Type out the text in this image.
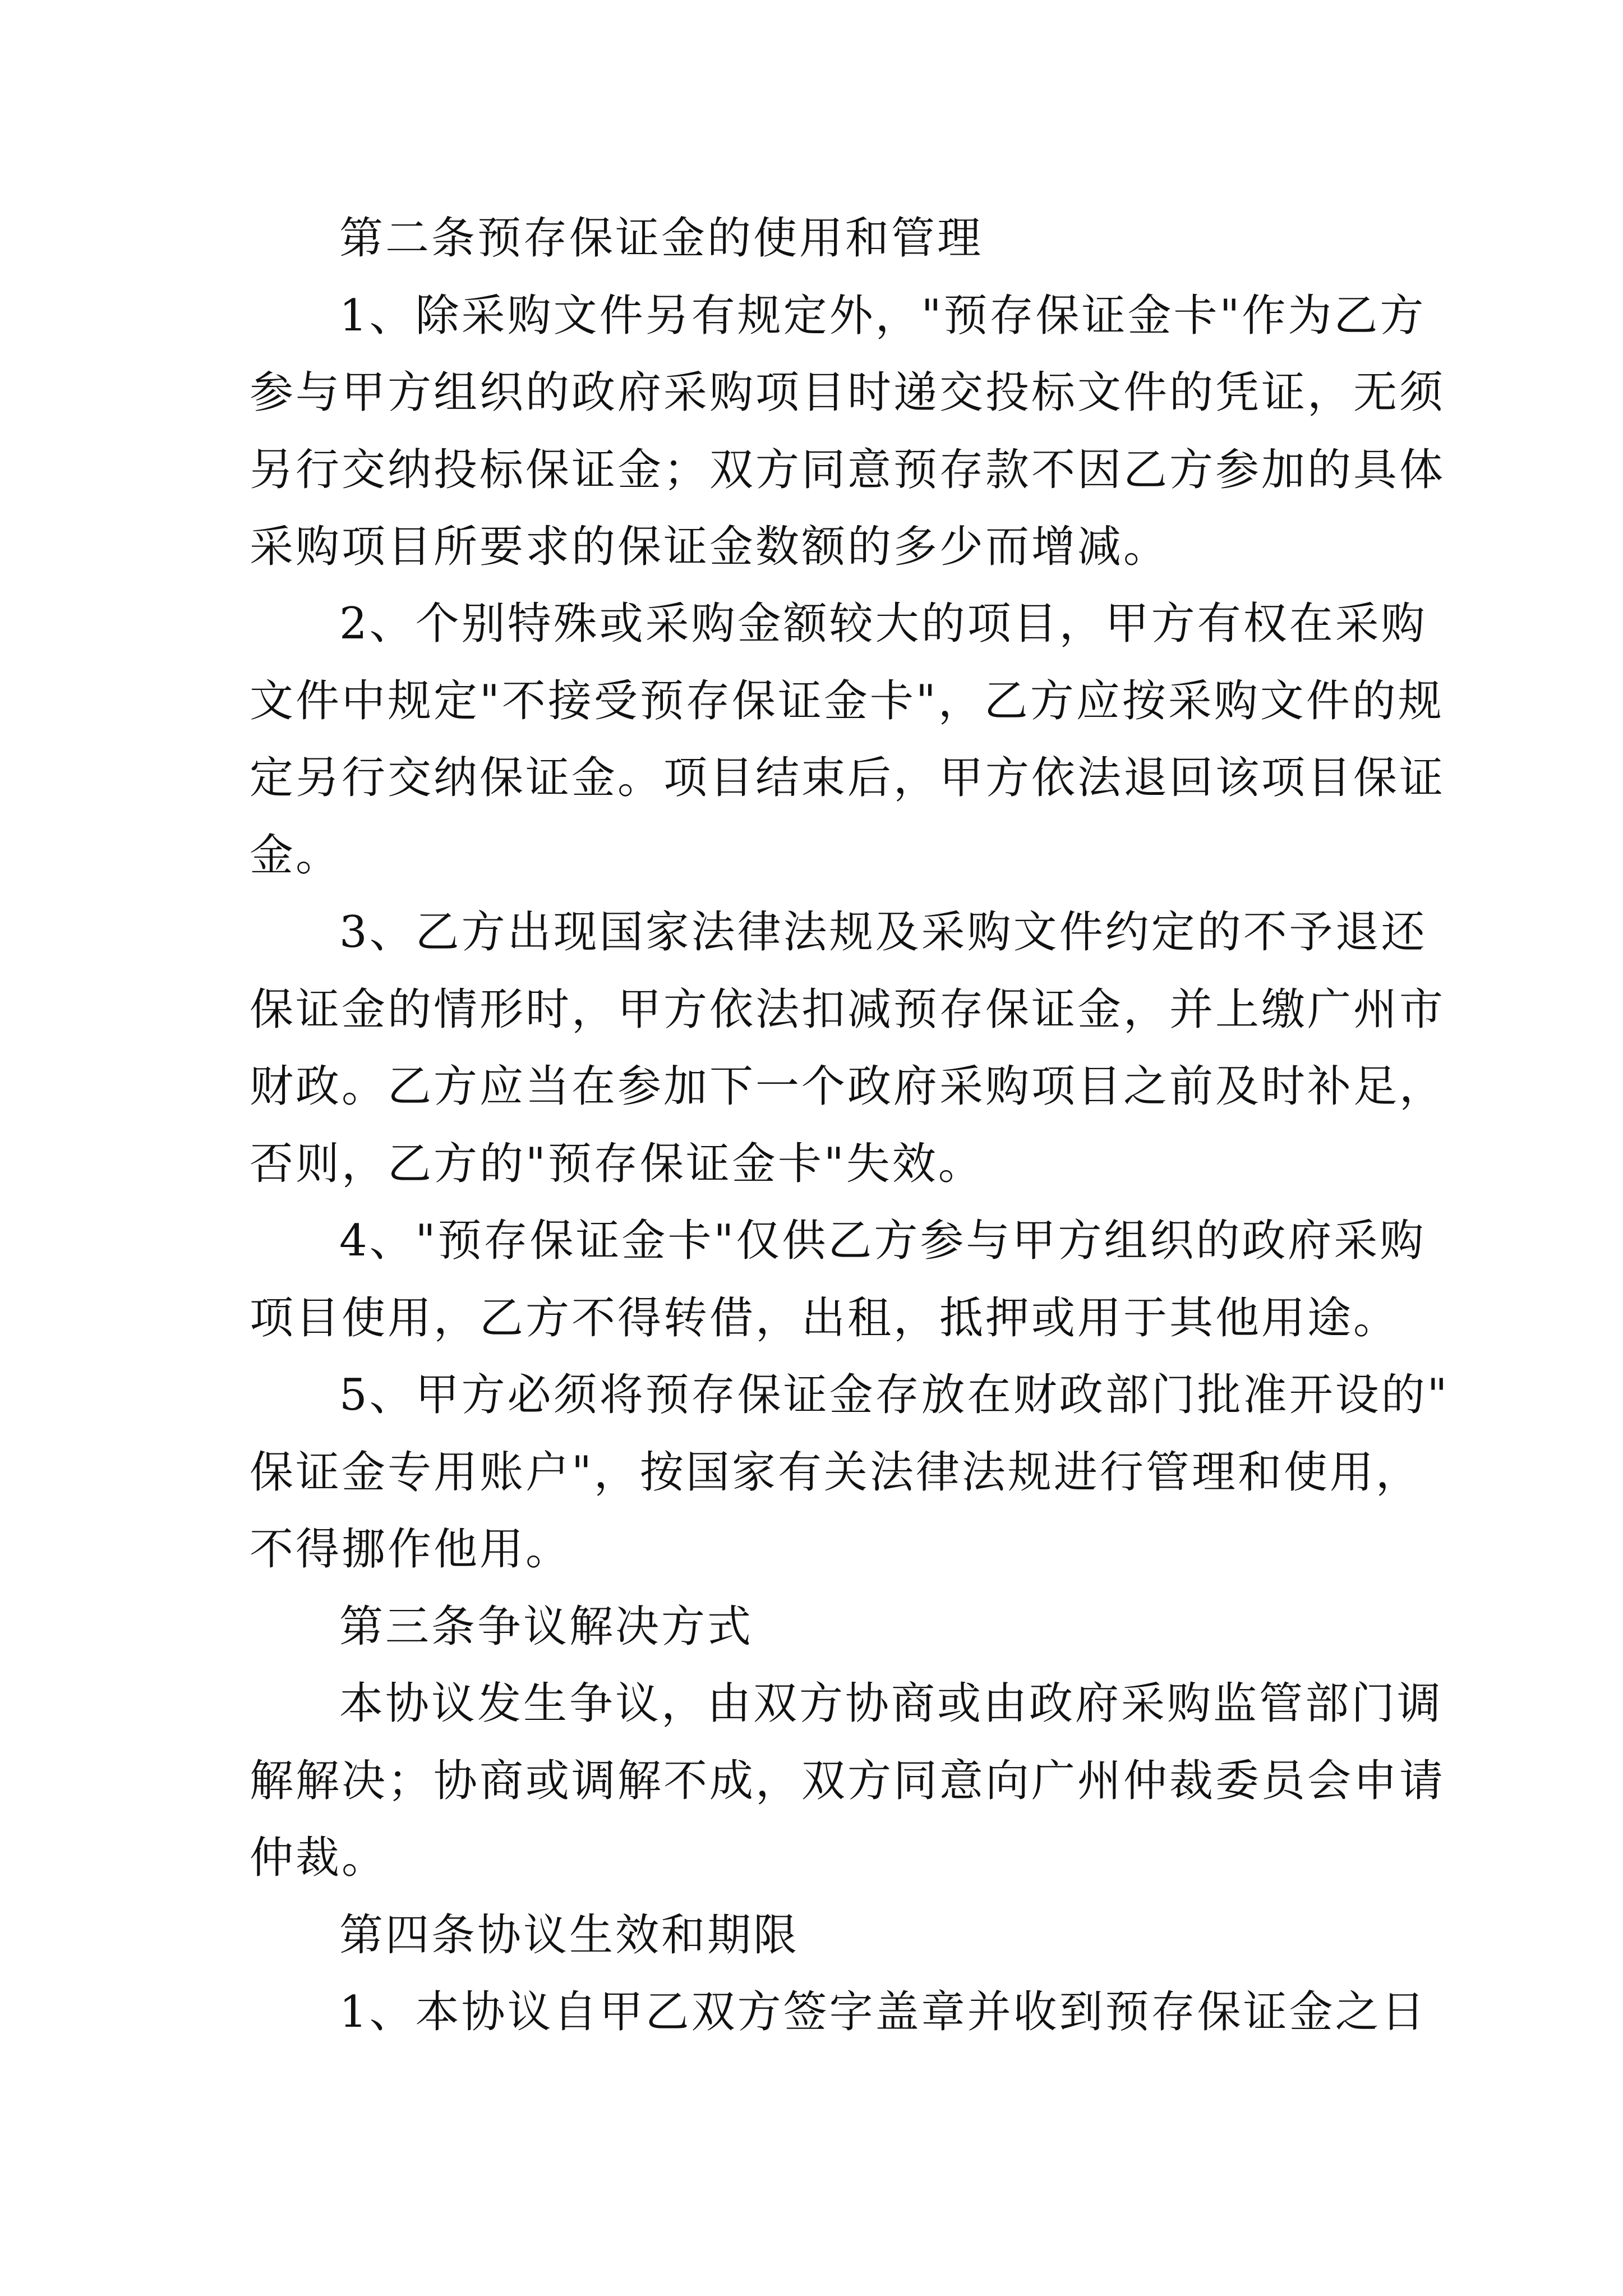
第二条预存保证金的使用和管理
1、除采购文件另有规定外，"预存保证金卡"作为乙方
参与甲方组织的政府采购项目时递交投标文件的凭证，无须
另行交纳投标保证金；双方同意预存款不因乙方参加的具体
采购项目所要求的保证金数额的多少而增减。
2、个别特殊或采购金额较大的项目，甲方有权在采购
文件中规定"不接受预存保证金卡"，乙方应按采购文件的规
定另行交纳保证金。项目结束后，甲方依法退回该项目保证
金。
3、乙方出现国家法律法规及采购文件约定的不予退还
保证金的情形时，甲方依法扣减预存保证金，并上缴广州市
财政。乙方应当在参加下一个政府采购项目之前及时补足，
否则，乙方的"预存保证金卡"失效。
4、"预存保证金卡"仅供乙方参与甲方组织的政府采购
项目使用，乙方不得转借，出租，抵押或用于其他用途。
5、甲方必须将预存保证金存放在财政部门批准开设的"
保证金专用账户"，按国家有关法律法规进行管理和使用，
不得挪作他用。
第三条争议解决方式
本协议发生争议，由双方协商或由政府采购监管部门调
解解决；协商或调解不成，双方同意向广州仲裁委员会申请
仲裁。
第四条协议生效和期限
1、本协议自甲乙双方签字盖章并收到预存保证金之日
